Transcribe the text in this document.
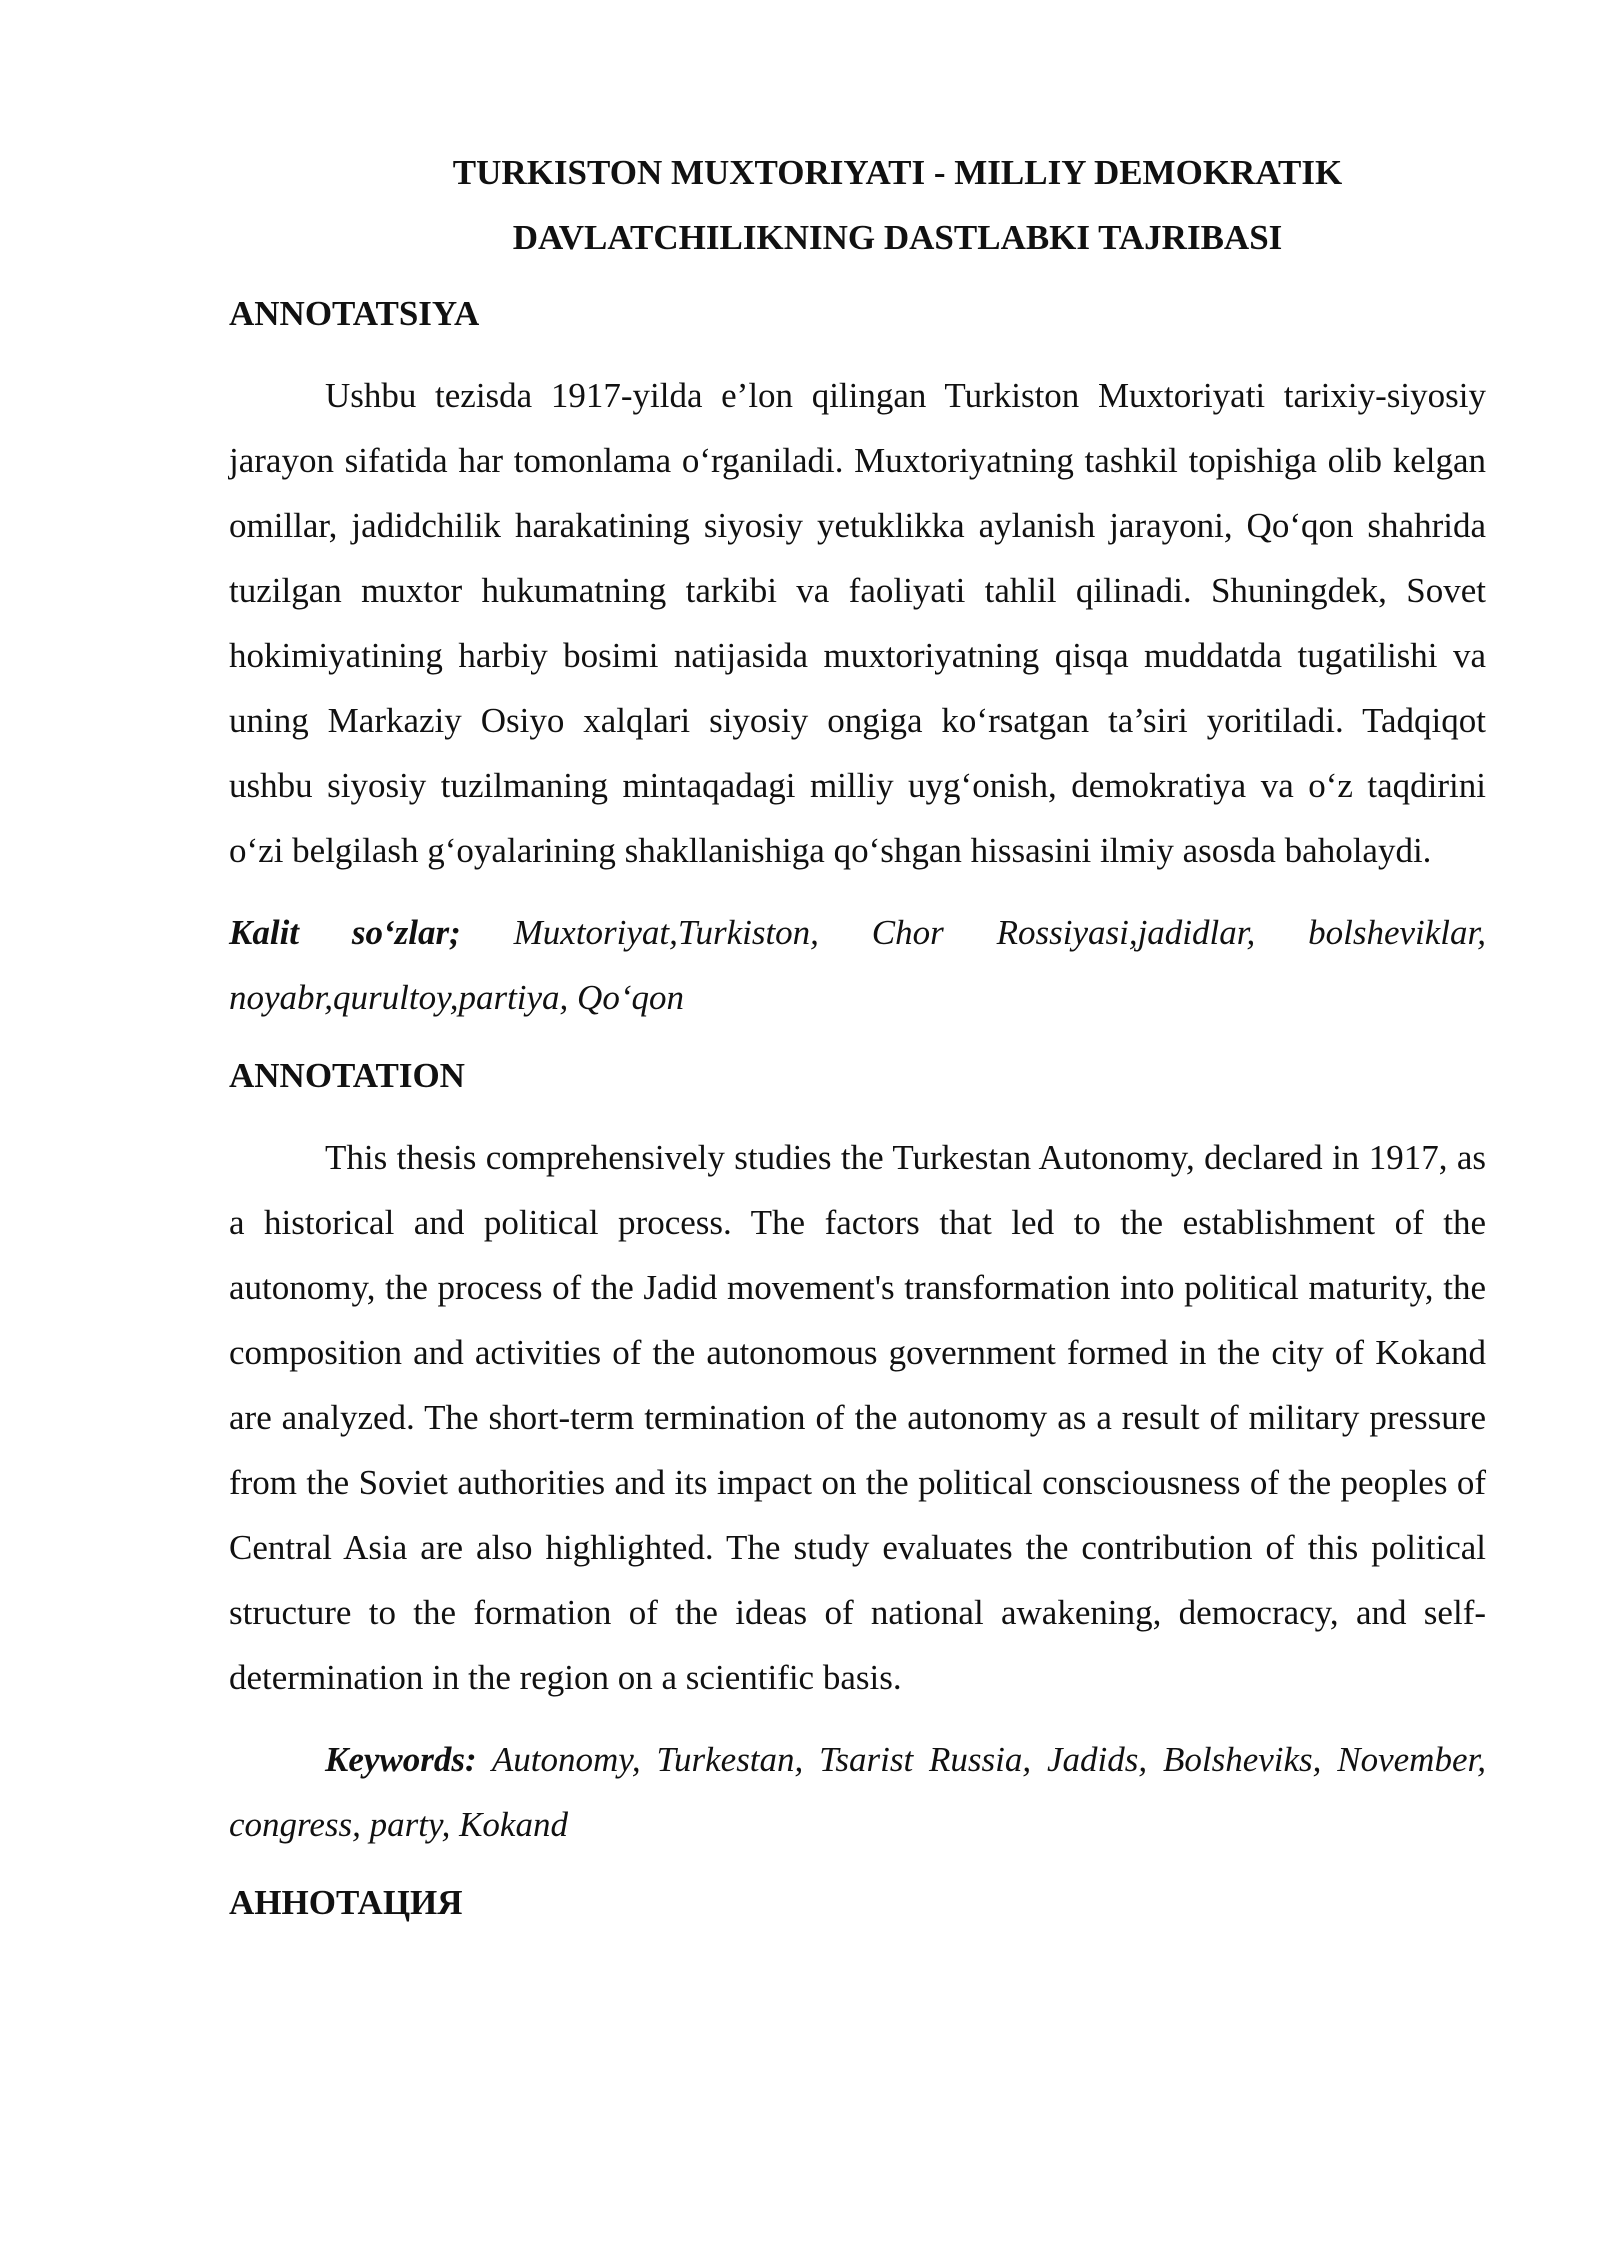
TURKISTON MUXTORIYATI - MILLIY DEMOKRATIK

DAVLATCHILIKNING DASTLABKI TAJRIBASI

ANNOTATSIYA

Ushbu tezisda 1917-yilda e’lon qilingan Turkiston Muxtoriyati tarixiy-siyosiy jarayon sifatida har tomonlama o‘rganiladi. Muxtoriyatning tashkil topishiga olib kelgan omillar, jadidchilik harakatining siyosiy yetuklikka aylanish jarayoni, Qo‘qon shahrida tuzilgan muxtor hukumatning tarkibi va faoliyati tahlil qilinadi. Shuningdek, Sovet hokimiyatining harbiy bosimi natijasida muxtoriyatning qisqa muddatda tugatilishi va uning Markaziy Osiyo xalqlari siyosiy ongiga ko‘rsatgan ta’siri yoritiladi. Tadqiqot ushbu siyosiy tuzilmaning mintaqadagi milliy uyg‘onish, demokratiya va o‘z taqdirini o‘zi belgilash g‘oyalarining shakllanishiga qo‘shgan hissasini ilmiy asosda baholaydi.

Kalit so‘zlar; Muxtoriyat,Turkiston, Chor Rossiyasi,jadidlar, bolsheviklar, noyabr,qurultoy,partiya, Qo‘qon

ANNOTATION

This thesis comprehensively studies the Turkestan Autonomy, declared in 1917, as a historical and political process. The factors that led to the establishment of the autonomy, the process of the Jadid movement's transformation into political maturity, the composition and activities of the autonomous government formed in the city of Kokand are analyzed. The short-term termination of the autonomy as a result of military pressure from the Soviet authorities and its impact on the political consciousness of the peoples of Central Asia are also highlighted. The study evaluates the contribution of this political structure to the formation of the ideas of national awakening, democracy, and self-determination in the region on a scientific basis.

Keywords: Autonomy, Turkestan, Tsarist Russia, Jadids, Bolsheviks, November, congress, party, Kokand

АННОТАЦИЯ
